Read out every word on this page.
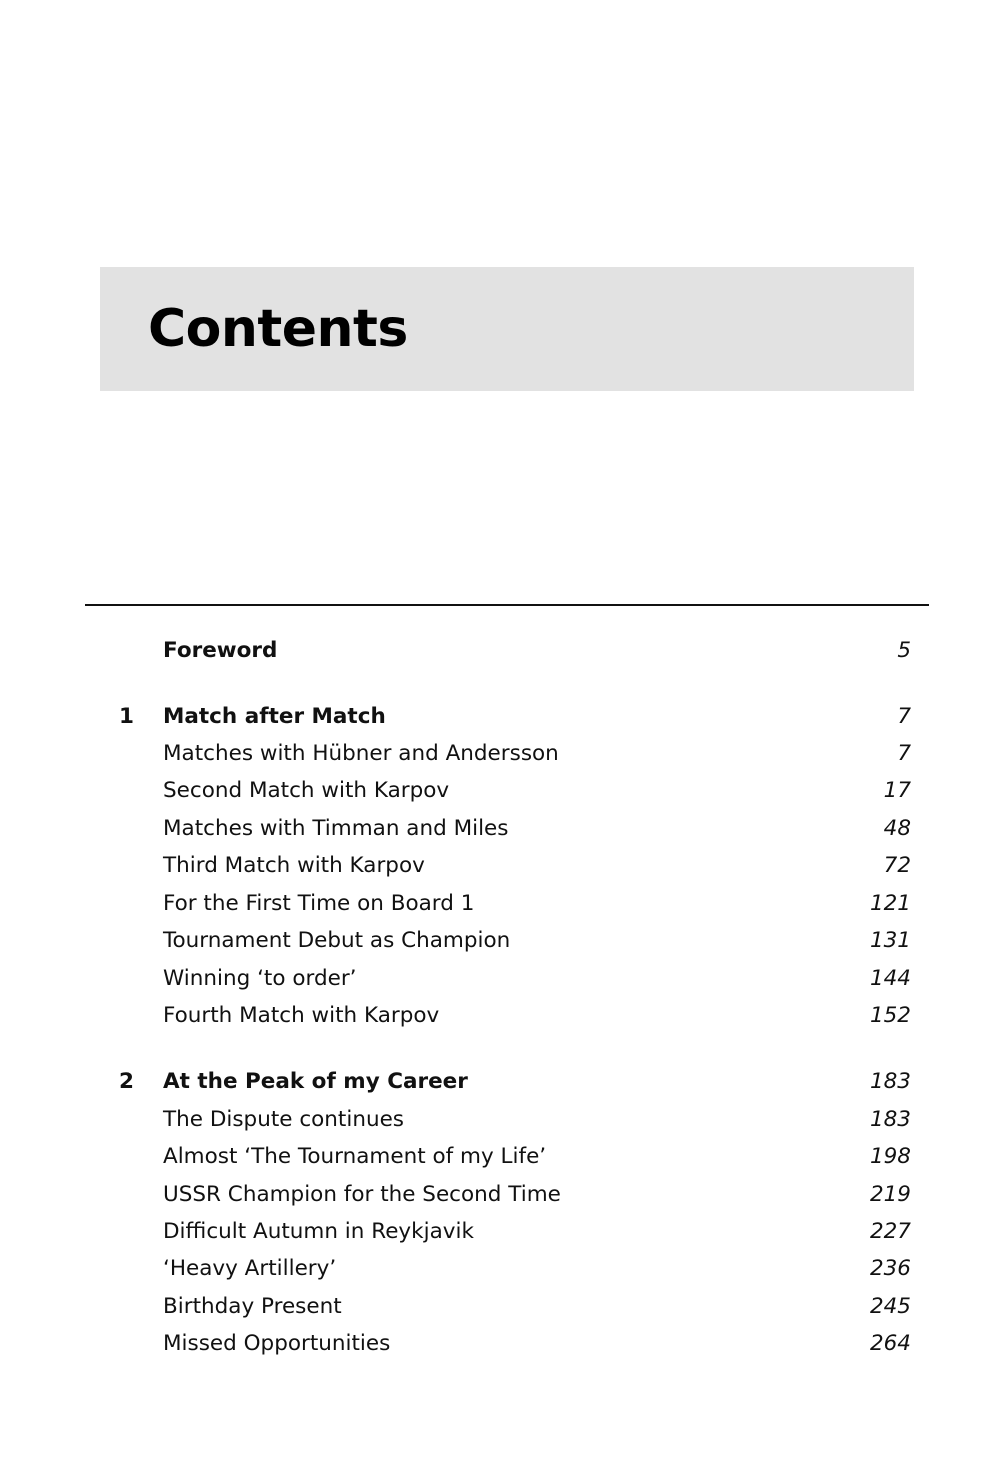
Contents
Foreword	5
1 Match after Match	7
Matches with Hübner and Andersson	7
Second Match with Karpov	17
Matches with Timman and Miles	48
Third Match with Karpov	72
For the First Time on Board 1	121
Tournament Debut as Champion	131
Winning ‘to order’	144
Fourth Match with Karpov	152
2 At the Peak of my Career	183
The Dispute continues	183
Almost ‘The Tournament of my Life’	198
USSR Champion for the Second Time	219
Difficult Autumn in Reykjavik	227
‘Heavy Artillery’	236
Birthday Present	245
Missed Opportunities	264
